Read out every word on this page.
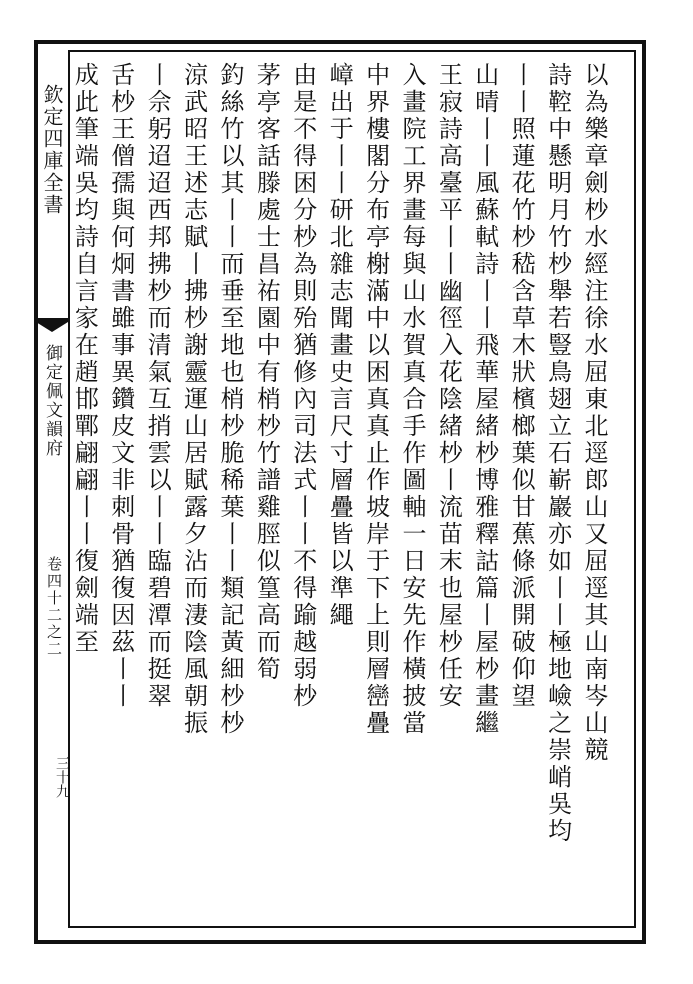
欽定四庫全書
御定佩文韻府
卷四十二之二
三十九
以為樂章劍杪水經注徐水屈東北逕郎山又屈逕其山南岑山競
詩鞚中懸明月竹杪舉若豎鳥翅立石嶄巖亦如丨丨極地嶮之崇峭吳均
丨丨照蓮花竹杪嵇含草木狀檳榔葉似甘蕉條派開破仰望
山晴丨丨風蘇軾詩丨丨飛華屋緒杪博雅釋詁篇丨屋杪畫繼
王寂詩高臺平丨丨幽徑入花陰緒杪丨流苗末也屋杪任安
入畫院工界畫每與山水賀真合手作圖軸一日安先作橫披當
中界樓閣分布亭榭滿中以困真真止作坡岸于下上則層巒疊
嶂出于丨丨研北雜志聞畫史言尺寸層疊皆以準繩
由是不得困分杪為則殆猶修內司法式丨丨不得踰越弱杪
茅亭客話滕處士昌祐園中有梢杪竹譜雞脛似篁高而筍
釣絲竹以其丨丨而垂至地也梢杪脆稀葉丨丨類記黃細杪杪
涼武昭王述志賦丨拂杪謝靈運山居賦露夕沾而淒陰風朝振
丨佘躬迢迢西邦拂杪而清氣互捎雲以丨丨臨碧潭而挺翠
舌杪王僧孺與何炯書雖事異鑽皮文非刺骨猶復因茲丨丨
成此筆端吳均詩自言家在趙邯鄲翩翩丨丨復劍端至
